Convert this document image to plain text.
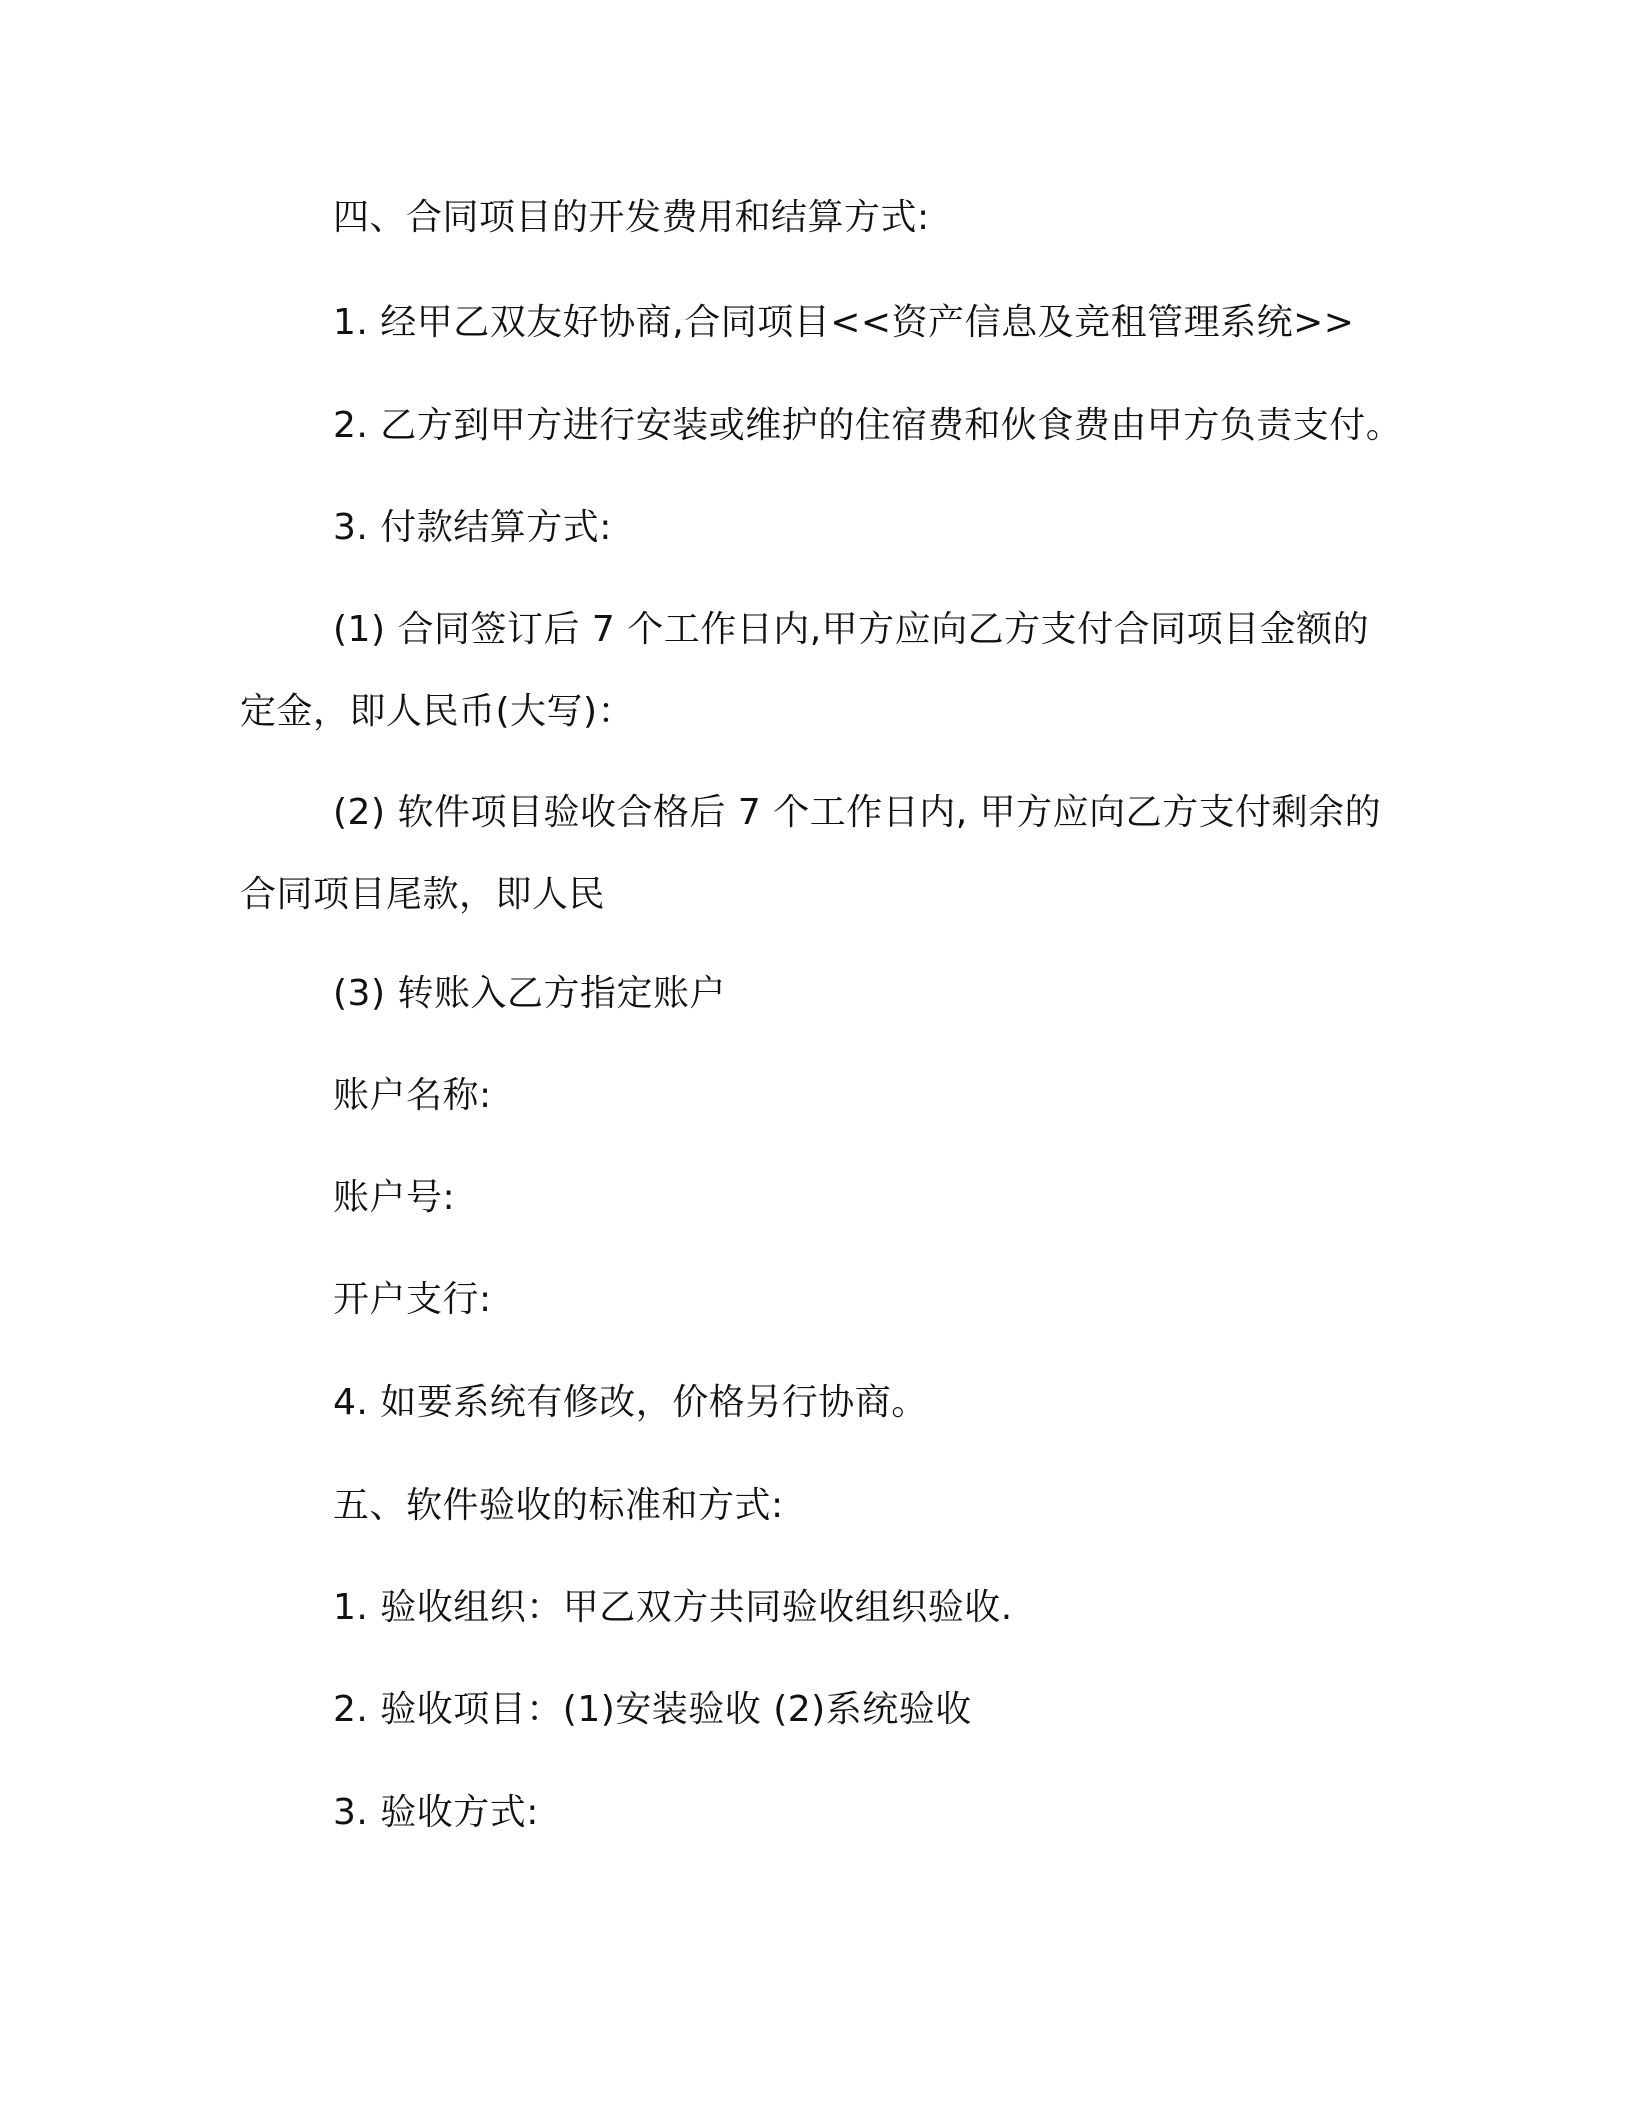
四、合同项目的开发费用和结算方式:

1. 经甲乙双友好协商,合同项目<<资产信息及竞租管理系统>>

2. 乙方到甲方进行安装或维护的住宿费和伙食费由甲方负责支付。

3. 付款结算方式:

(1) 合同签订后 7 个工作日内,甲方应向乙方支付合同项目金额的定金，即人民币(大写)：

(2) 软件项目验收合格后 7 个工作日内, 甲方应向乙方支付剩余的合同项目尾款，即人民

(3) 转账入乙方指定账户

账户名称:

账户号:

开户支行:

4. 如要系统有修改，价格另行协商。

五、软件验收的标准和方式:

1. 验收组织：甲乙双方共同验收组织验收.

2. 验收项目：(1)安装验收 (2)系统验收

3. 验收方式:
